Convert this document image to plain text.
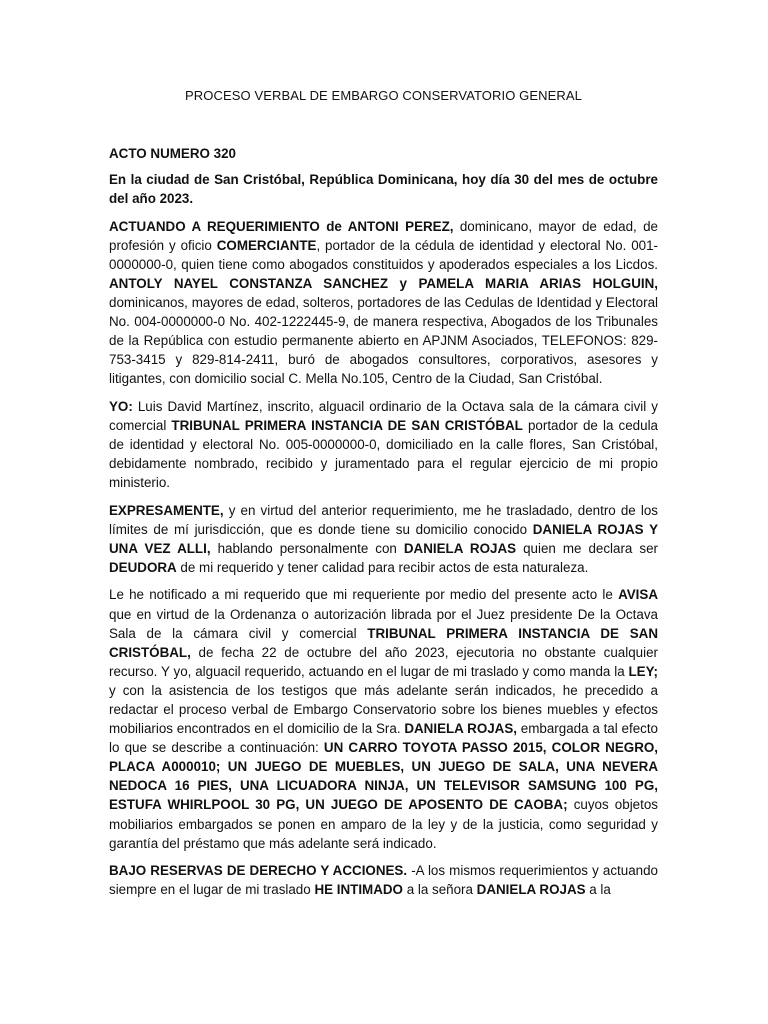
PROCESO VERBAL DE EMBARGO CONSERVATORIO GENERAL
ACTO NUMERO 320

En la ciudad de San Cristóbal, República Dominicana, hoy día 30 del mes de octubre del año 2023.

ACTUANDO A REQUERIMIENTO de ANTONI PEREZ, dominicano, mayor de edad, de profesión y oficio COMERCIANTE, portador de la cédula de identidad y electoral No. 001-0000000-0, quien tiene como abogados constituidos y apoderados especiales a los Licdos. ANTOLY NAYEL CONSTANZA SANCHEZ y PAMELA MARIA ARIAS HOLGUIN, dominicanos, mayores de edad, solteros, portadores de las Cedulas de Identidad y Electoral No. 004-0000000-0 No. 402-1222445-9, de manera respectiva, Abogados de los Tribunales de la República con estudio permanente abierto en APJNM Asociados, TELEFONOS: 829-753-3415 y 829-814-2411, buró de abogados consultores, corporativos, asesores y litigantes, con domicilio social C. Mella No.105, Centro de la Ciudad, San Cristóbal.

YO: Luis David Martínez, inscrito, alguacil ordinario de la Octava sala de la cámara civil y comercial TRIBUNAL PRIMERA INSTANCIA DE SAN CRISTÓBAL portador de la cedula de identidad y electoral No. 005-0000000-0, domiciliado en la calle flores, San Cristóbal, debidamente nombrado, recibido y juramentado para el regular ejercicio de mi propio ministerio.

EXPRESAMENTE, y en virtud del anterior requerimiento, me he trasladado, dentro de los límites de mí jurisdicción, que es donde tiene su domicilio conocido DANIELA ROJAS Y UNA VEZ ALLI, hablando personalmente con DANIELA ROJAS quien me declara ser DEUDORA de mi requerido y tener calidad para recibir actos de esta naturaleza.

Le he notificado a mi requerido que mi requeriente por medio del presente acto le AVISA que en virtud de la Ordenanza o autorización librada por el Juez presidente De la Octava Sala de la cámara civil y comercial TRIBUNAL PRIMERA INSTANCIA DE SAN CRISTÓBAL, de fecha 22 de octubre del año 2023, ejecutoria no obstante cualquier recurso. Y yo, alguacil requerido, actuando en el lugar de mi traslado y como manda la LEY; y con la asistencia de los testigos que más adelante serán indicados, he precedido a redactar el proceso verbal de Embargo Conservatorio sobre los bienes muebles y efectos mobiliarios encontrados en el domicilio de la Sra. DANIELA ROJAS, embargada a tal efecto lo que se describe a continuación: UN CARRO TOYOTA PASSO 2015, COLOR NEGRO, PLACA A000010; UN JUEGO DE MUEBLES, UN JUEGO DE SALA, UNA NEVERA NEDOCA 16 PIES, UNA LICUADORA NINJA, UN TELEVISOR SAMSUNG 100 PG, ESTUFA WHIRLPOOL 30 PG, UN JUEGO DE APOSENTO DE CAOBA; cuyos objetos mobiliarios embargados se ponen en amparo de la ley y de la justicia, como seguridad y garantía del préstamo que más adelante será indicado.

BAJO RESERVAS DE DERECHO Y ACCIONES. -A los mismos requerimientos y actuando siempre en el lugar de mi traslado HE INTIMADO a la señora DANIELA ROJAS a la
